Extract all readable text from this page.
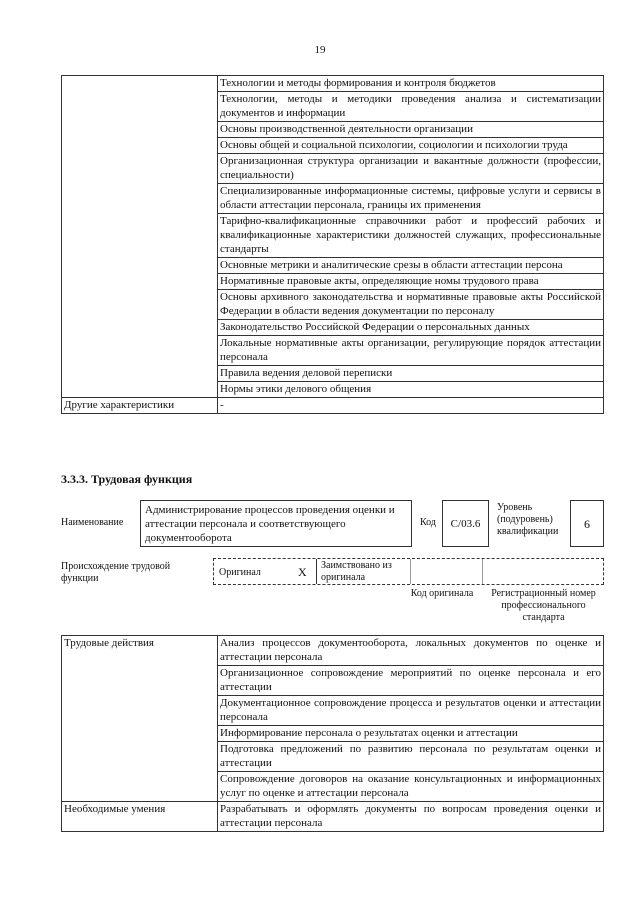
19
	Технологии и методы формирования и контроля бюджетов
	Технологии, методы и методики проведения анализа и систематизации документов и информации
	Основы производственной деятельности организации
	Основы общей и социальной психологии, социологии и психологии труда
	Организационная структура организации и вакантные должности (профессии, специальности)
	Специализированные информационные системы, цифровые услуги и сервисы в области аттестации персонала, границы их применения
	Тарифно-квалификационные справочники работ и профессий рабочих и квалификационные характеристики должностей служащих, профессиональные стандарты
	Основные метрики и аналитические срезы в области аттестации персона
	Нормативные правовые акты, определяющие номы трудового права
	Основы архивного законодательства и нормативные правовые акты Российской Федерации в области ведения документации по персоналу
	Законодательство Российской Федерации о персональных данных
	Локальные нормативные акты организации, регулирующие порядок аттестации персонала
	Правила ведения деловой переписки
	Нормы этики делового общения
Другие характеристики	-
3.3.3. Трудовая функция
Наименование
Администрирование процессов проведения оценки и аттестации персонала и соответствующего документооборота
Код	C/03.6
Уровень (подуровень) квалификации
6
Происхождение трудовой функции
Оригинал	X Заимствовано из оригинала
Код оригинала	Регистрационный номер профессионального стандарта
Трудовые действия	Анализ процессов документооборота, локальных документов по оценке и аттестации персонала
	Организационное сопровождение мероприятий по оценке персонала и его аттестации
	Документационное сопровождение процесса и результатов оценки и аттестации персонала
	Информирование персонала о результатах оценки и аттестации
	Подготовка предложений по развитию персонала по результатам оценки и аттестации
	Сопровождение договоров на оказание консультационных и информационных услуг по оценке и аттестации персонала
Необходимые умения	Разрабатывать и оформлять документы по вопросам проведения оценки и аттестации персонала
